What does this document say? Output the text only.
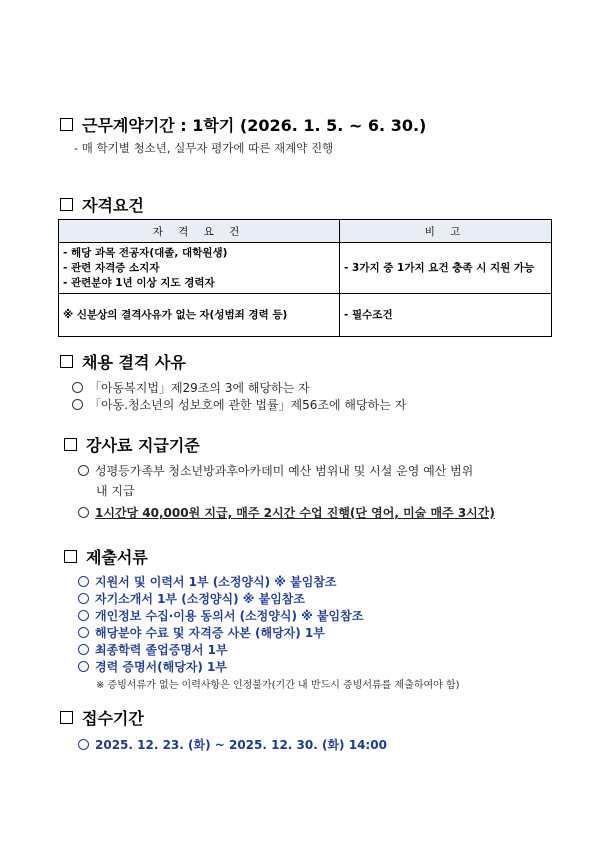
근무계약기간 : 1학기 (2026. 1. 5. ~ 6. 30.)
- 매 학기별 청소년, 실무자 평가에 따른 재계약 진행
자격요건
자 격 요 건	비 고

- 해당 과목 전공자(대졸, 대학원생)
- 관련 자격증 소지자
- 관련분야 1년 이상 지도 경력자	- 3가지 중 1가지 요건 충족 시 지원 가능
※ 신분상의 결격사유가 없는 자(성범죄 경력 등)	- 필수조건
채용 결격 사유
「아동복지법」제29조의 3에 해당하는 자
「아동.청소년의 성보호에 관한 법률」제56조에 해당하는 자
강사료 지급기준
성평등가족부 청소년방과후아카데미 예산 범위내 및 시설 운영 예산 범위
내 지급
1시간당 40,000원 지급, 매주 2시간 수업 진행(단 영어, 미술 매주 3시간)
제출서류
지원서 및 이력서 1부 (소정양식) ※ 붙임참조
자기소개서 1부 (소정양식) ※ 붙임참조
개인정보 수집·이용 동의서 (소정양식) ※ 붙임참조
해당분야 수료 및 자격증 사본 (해당자) 1부
최종학력 졸업증명서 1부
경력 증명서(해당자) 1부
※ 증빙서류가 없는 이력사항은 인정불가(기간 내 반드시 증빙서류를 제출하여야 함)
접수기간
2025. 12. 23. (화) ~ 2025. 12. 30. (화) 14:00
